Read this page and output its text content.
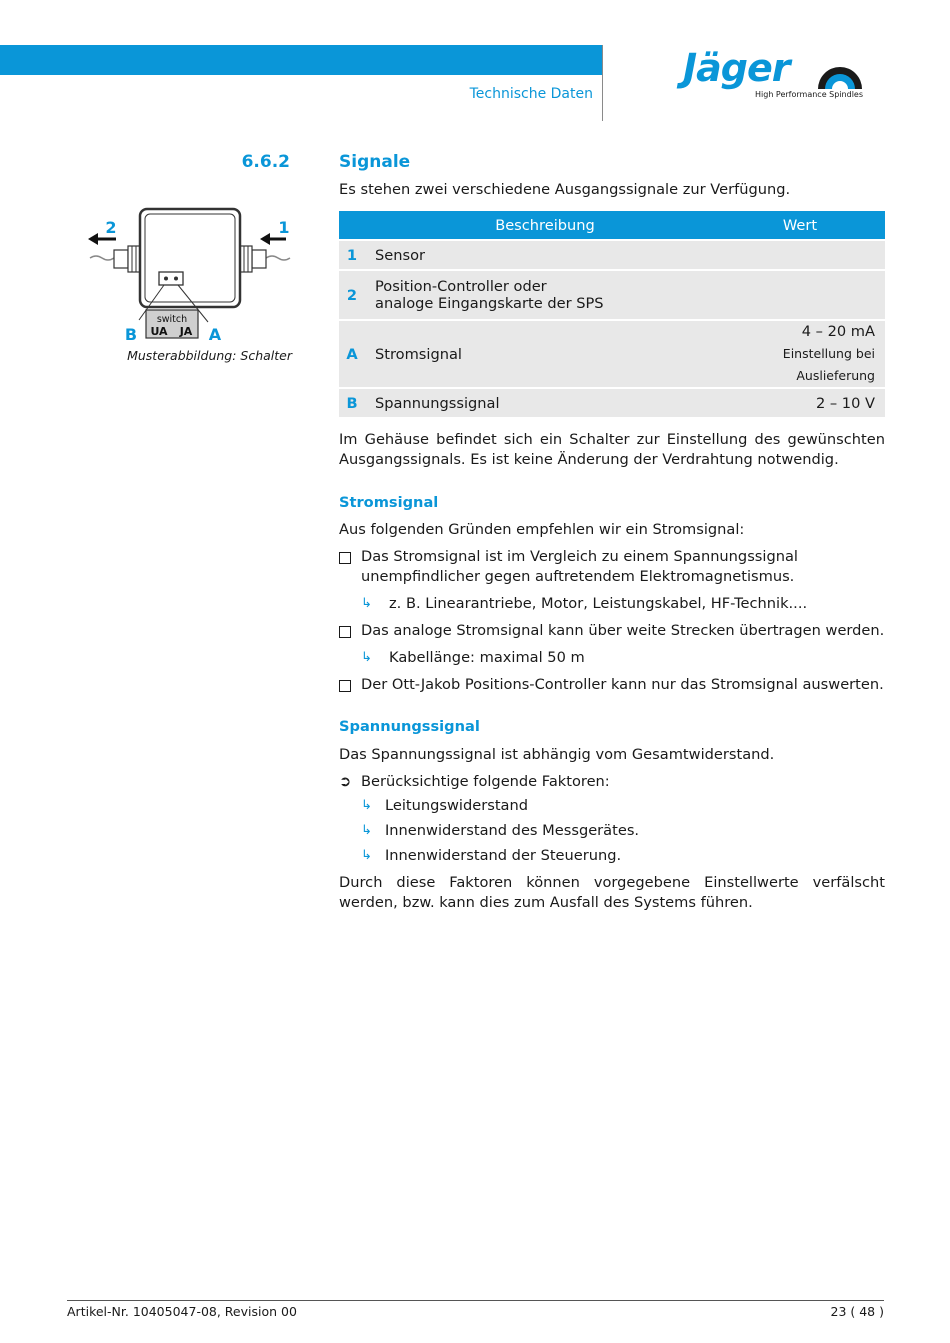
Technische Daten
Jäger
High Performance Spindles
6.6.2	Signale
Es stehen zwei verschiedene Ausgangssignale zur Verfügung.
switch
UA JA
2	1
B	A
Musterabbildung: Schalter
	Beschreibung	Wert
1	Sensor	
2	Position-Controller oder
analoge Eingangskarte der SPS	

A	Stromsignal	4 – 20 mA
Einstellung bei Auslieferung

B	Spannungssignal	2 – 10 V
Im Gehäuse befindet sich ein Schalter zur Einstellung des gewünschten Ausgangssignals. Es ist keine Änderung der Verdrahtung notwendig.
Stromsignal
Aus folgenden Gründen empfehlen wir ein Stromsignal:
Das Stromsignal ist im Vergleich zu einem Spannungssignal unempfindlicher gegen auftretendem Elektromagnetismus.
↳ z. B. Linearantriebe, Motor, Leistungskabel, HF-Technik....
Das analoge Stromsignal kann über weite Strecken übertragen werden.
↳ Kabellänge: maximal 50 m
Der Ott-Jakob Positions-Controller kann nur das Stromsignal auswerten.
Spannungssignal
Das Spannungssignal ist abhängig vom Gesamtwiderstand.
➲ Berücksichtige folgende Faktoren:
↳ Leitungswiderstand
↳ Innenwiderstand des Messgerätes.
↳ Innenwiderstand der Steuerung.
Durch diese Faktoren können vorgegebene Einstellwerte verfälscht werden, bzw. kann dies zum Ausfall des Systems führen.
Artikel-Nr. 10405047-08, Revision 00	23 ( 48 )
